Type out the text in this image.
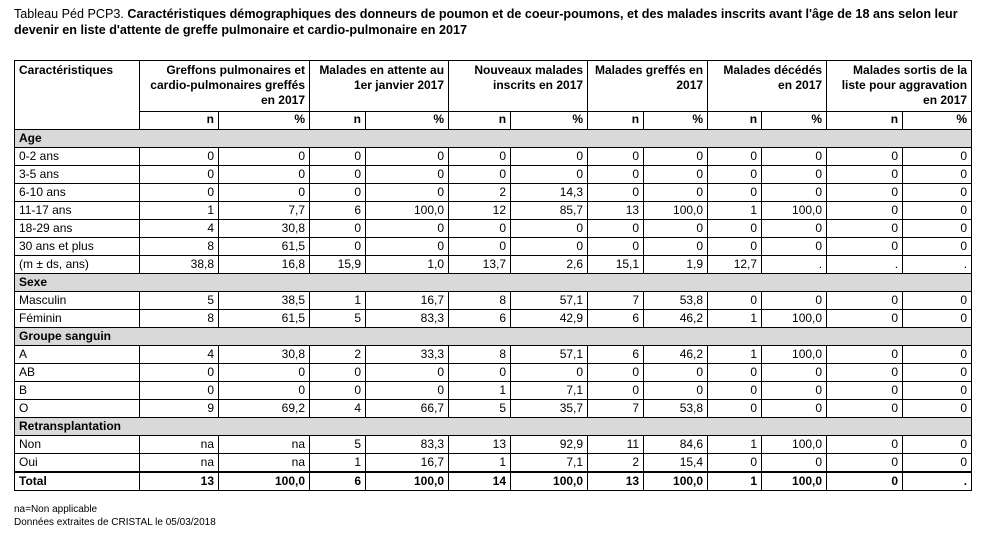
Tableau Péd PCP3. Caractéristiques démographiques des donneurs de poumon et de coeur-poumons, et des malades inscrits avant l'âge de 18 ans selon leur devenir en liste d'attente de greffe pulmonaire et cardio-pulmonaire en 2017
Caractéristiques	Greffons pulmonaires et cardio-pulmonaires greffés en 2017		Malades en attente au 1er janvier 2017		Nouveaux malades inscrits en 2017		Malades greffés en 2017		Malades décédés en 2017		Malades sortis de la liste pour aggravation en 2017	
	n	%	n	%	n	%	n	%	n	%	n	%
Age												
0-2 ans	0	0	0	0	0	0	0	0	0	0	0	0
3-5 ans	0	0	0	0	0	0	0	0	0	0	0	0
6-10 ans	0	0	0	0	2	14,3	0	0	0	0	0	0
11-17 ans	1	7,7	6	100,0	12	85,7	13	100,0	1	100,0	0	0
18-29 ans	4	30,8	0	0	0	0	0	0	0	0	0	0
30 ans et plus	8	61,5	0	0	0	0	0	0	0	0	0	0
(m ± ds, ans)	38,8	16,8	15,9	1,0	13,7	2,6	15,1	1,9	12,7	.	.	.
Sexe												
Masculin	5	38,5	1	16,7	8	57,1	7	53,8	0	0	0	0
Féminin	8	61,5	5	83,3	6	42,9	6	46,2	1	100,0	0	0
Groupe sanguin												
A	4	30,8	2	33,3	8	57,1	6	46,2	1	100,0	0	0
AB	0	0	0	0	0	0	0	0	0	0	0	0
B	0	0	0	0	1	7,1	0	0	0	0	0	0
O	9	69,2	4	66,7	5	35,7	7	53,8	0	0	0	0
Retransplantation												
Non	na	na	5	83,3	13	92,9	11	84,6	1	100,0	0	0
Oui	na	na	1	16,7	1	7,1	2	15,4	0	0	0	0
Total	13	100,0	6	100,0	14	100,0	13	100,0	1	100,0	0	.
na=Non applicable
Données extraites de CRISTAL le 05/03/2018
